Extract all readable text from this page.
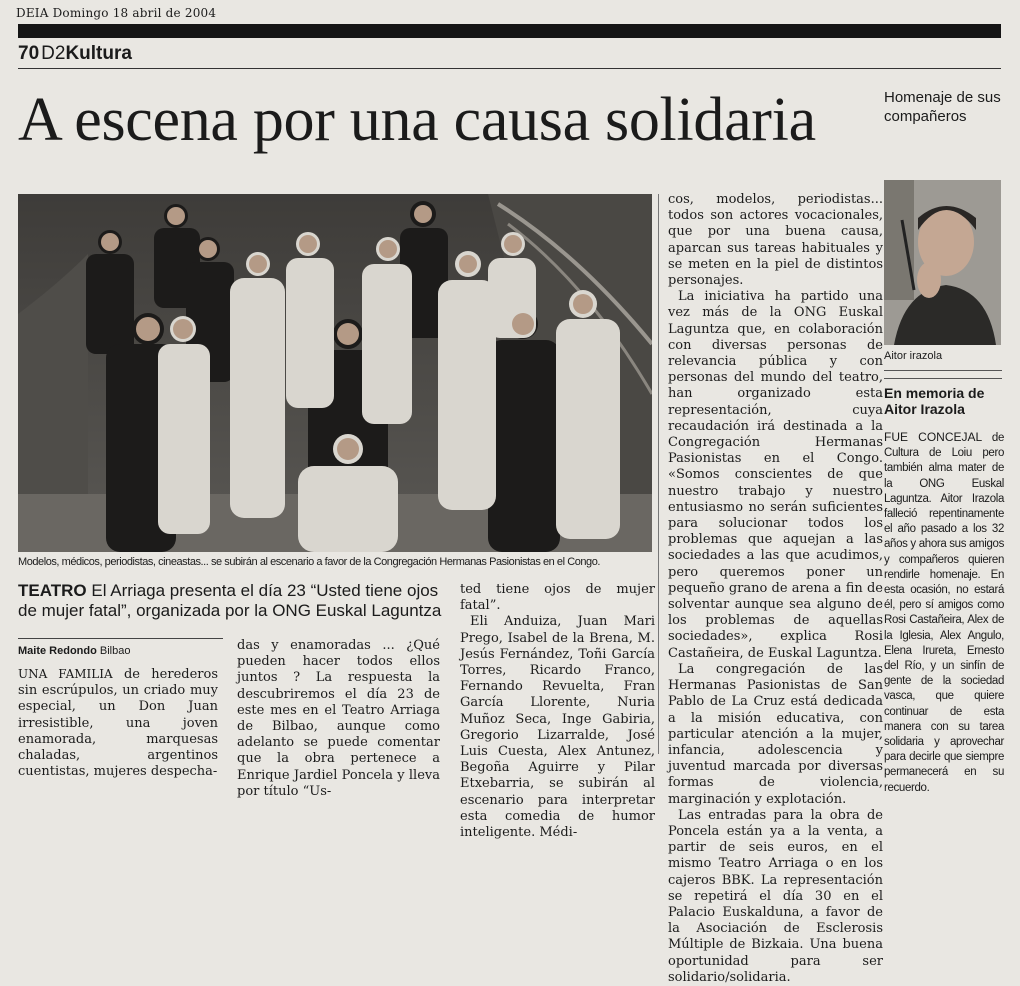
DEIA Domingo 18 abril de 2004
70 D2Kultura
A escena por una causa solidaria
Modelos, médicos, periodistas, cineastas... se subirán al escenario a favor de la Congregación Hermanas Pasionistas en el Congo.
TEATRO El Arriaga presenta el día 23 “Usted tiene ojos de mujer fatal”, organizada por la ONG Euskal Laguntza
Maite Redondo Bilbao

UNA FAMILIA de herederos sin escrúpulos, un criado muy especial, un Don Juan irresistible, una joven enamorada, marquesas chaladas, argentinos cuentistas, mujeres despecha-

das y enamoradas ... ¿Qué pueden hacer todos ellos juntos ? La respuesta la descubriremos el día 23 de este mes en el Teatro Arriaga de Bilbao, aunque como adelanto se puede comentar que la obra pertenece a Enrique Jardiel Poncela y lleva por título “Us-

ted tiene ojos de mujer fatal”.

Eli Anduiza, Juan Mari Prego, Isabel de la Brena, M. Jesús Fernández, Toñi García Torres, Ricardo Franco, Fernando Revuelta, Fran García Llorente, Nuria Muñoz Seca, Inge Gabiria, Gregorio Lizarralde, José Luis Cuesta, Alex Antunez, Begoña Aguirre y Pilar Etxebarria, se subirán al escenario para interpretar esta comedia de humor inteligente. Médi-

cos, modelos, periodistas... todos son actores vocacionales, que por una buena causa, aparcan sus tareas habituales y se meten en la piel de distintos personajes.

La iniciativa ha partido una vez más de la ONG Euskal Laguntza que, en colaboración con diversas personas de relevancia pública y con personas del mundo del teatro, han organizado esta representación, cuya recaudación irá destinada a la Congregación Hermanas Pasionistas en el Congo. «Somos conscientes de que nuestro trabajo y nuestro entusiasmo no serán suficientes para solucionar todos los problemas que aquejan a las sociedades a las que acudimos, pero queremos poner un pequeño grano de arena a fin de solventar aunque sea alguno de los problemas de aquellas sociedades», explica Rosi Castañeira, de Euskal Laguntza.

La congregación de las Hermanas Pasionistas de San Pablo de La Cruz está dedicada a la misión educativa, con particular atención a la mujer, infancia, adolescencia y juventud marcada por diversas formas de violencia, marginación y explotación.

Las entradas para la obra de Poncela están ya a la venta, a partir de seis euros, en el mismo Teatro Arriaga o en los cajeros BBK. La representación se repetirá el día 30 en el Palacio Euskalduna, a favor de la Asociación de Esclerosis Múltiple de Bizkaia. Una buena oportunidad para ser solidario/solidaria.

Homenaje de sus compañeros
Aitor irazola
En memoria de Aitor Irazola
FUE CONCEJAL de Cultura de Loiu pero también alma mater de la ONG Euskal Laguntza. Aitor Irazola falleció repentinamente el año pasado a los 32 años y ahora sus amigos y compañeros quieren rendirle homenaje. En esta ocasión, no estará él, pero sí amigos como Rosi Castañeira, Alex de la Iglesia, Alex Angulo, Elena Irureta, Ernesto del Río, y un sinfín de gente de la sociedad vasca, que quiere continuar de esta manera con su tarea solidaria y aprovechar para decirle que siempre permanecerá en su recuerdo.
